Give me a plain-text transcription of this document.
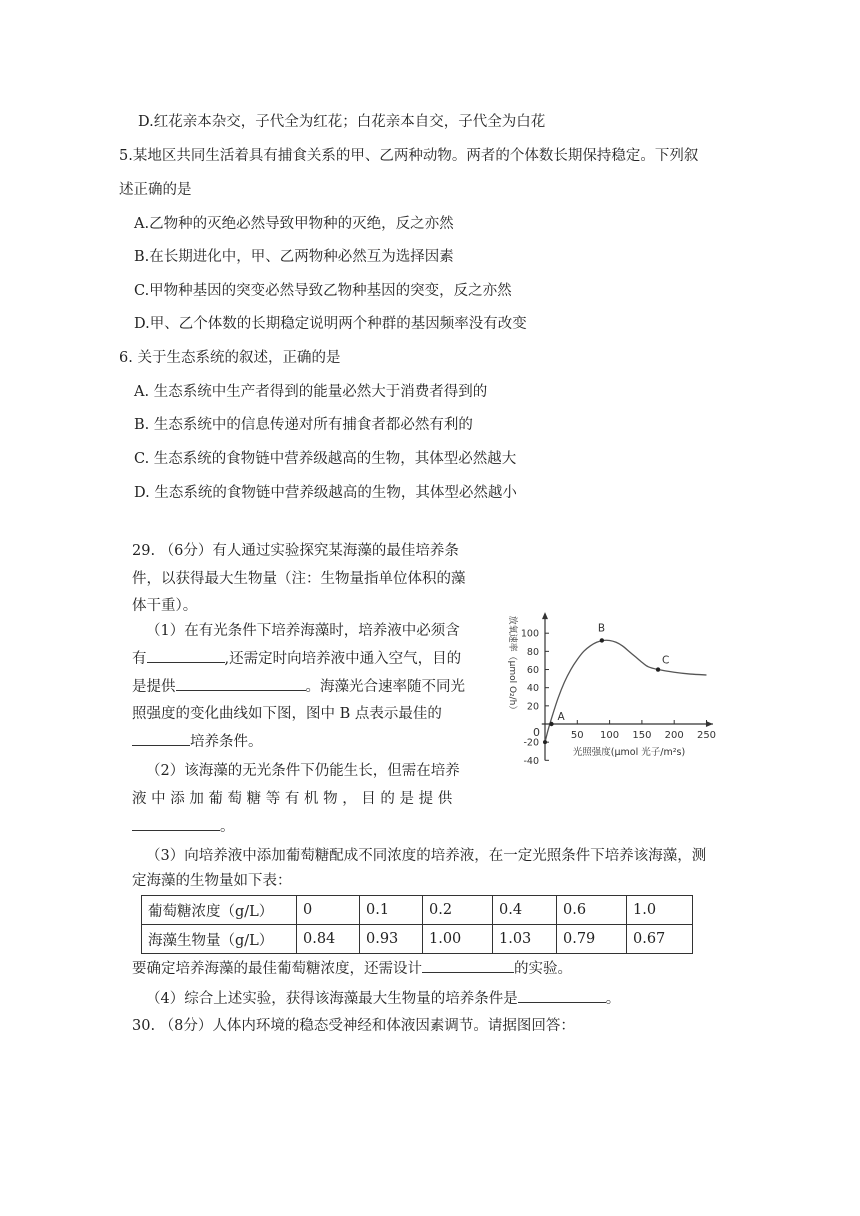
D.红花亲本杂交，子代全为红花；白花亲本自交，子代全为白花
5.某地区共同生活着具有捕食关系的甲、乙两种动物。两者的个体数长期保持稳定。下列叙
述正确的是
A.乙物种的灭绝必然导致甲物种的灭绝，反之亦然
B.在长期进化中，甲、乙两物种必然互为选择因素
C.甲物种基因的突变必然导致乙物种基因的突变，反之亦然
D.甲、乙个体数的长期稳定说明两个种群的基因频率没有改变
6. 关于生态系统的叙述，正确的是
A. 生态系统中生产者得到的能量必然大于消费者得到的
B. 生态系统中的信息传递对所有捕食者都必然有利的
C. 生态系统的食物链中营养级越高的生物，其体型必然越大
D. 生态系统的食物链中营养级越高的生物，其体型必然越小
29. （6分）有人通过实验探究某海藻的最佳培养条
件，以获得最大生物量（注：生物量指单位体积的藻
体干重）。
（1）在有光条件下培养海藻时，培养液中必须含
有	,还需定时向培养液中通入空气，目的
是提供	。海藻光合速率随不同光
照强度的变化曲线如下图，图中 B 点表示最佳的
培养条件。
（2）该海藻的无光条件下仍能生长，但需在培养
液 中 添 加 葡 萄 糖 等 有 机 物 ， 目 的 是 提 供
。
（3）向培养液中添加葡萄糖配成不同浓度的培养液，在一定光照条件下培养该海藻，测
定海藻的生物量如下表：
葡萄糖浓度（g/L）	0	0.1	0.2	0.4	0.6	1.0
海藻生物量（g/L）	0.84	0.93	1.00	1.03	0.79	0.67
要确定培养海藻的最佳葡萄糖浓度，还需设计	的实验。
（4）综合上述实验，获得该海藻最大生物量的培养条件是	。
30. （8分）人体内环境的稳态受神经和体液因素调节。请据图回答：
50 100 150 200 250
-40
-20
20
40
60
80
100
A
B
C
放氧速率（μmol O₂/h）
光照强度(μmol 光子/m²s)
0
